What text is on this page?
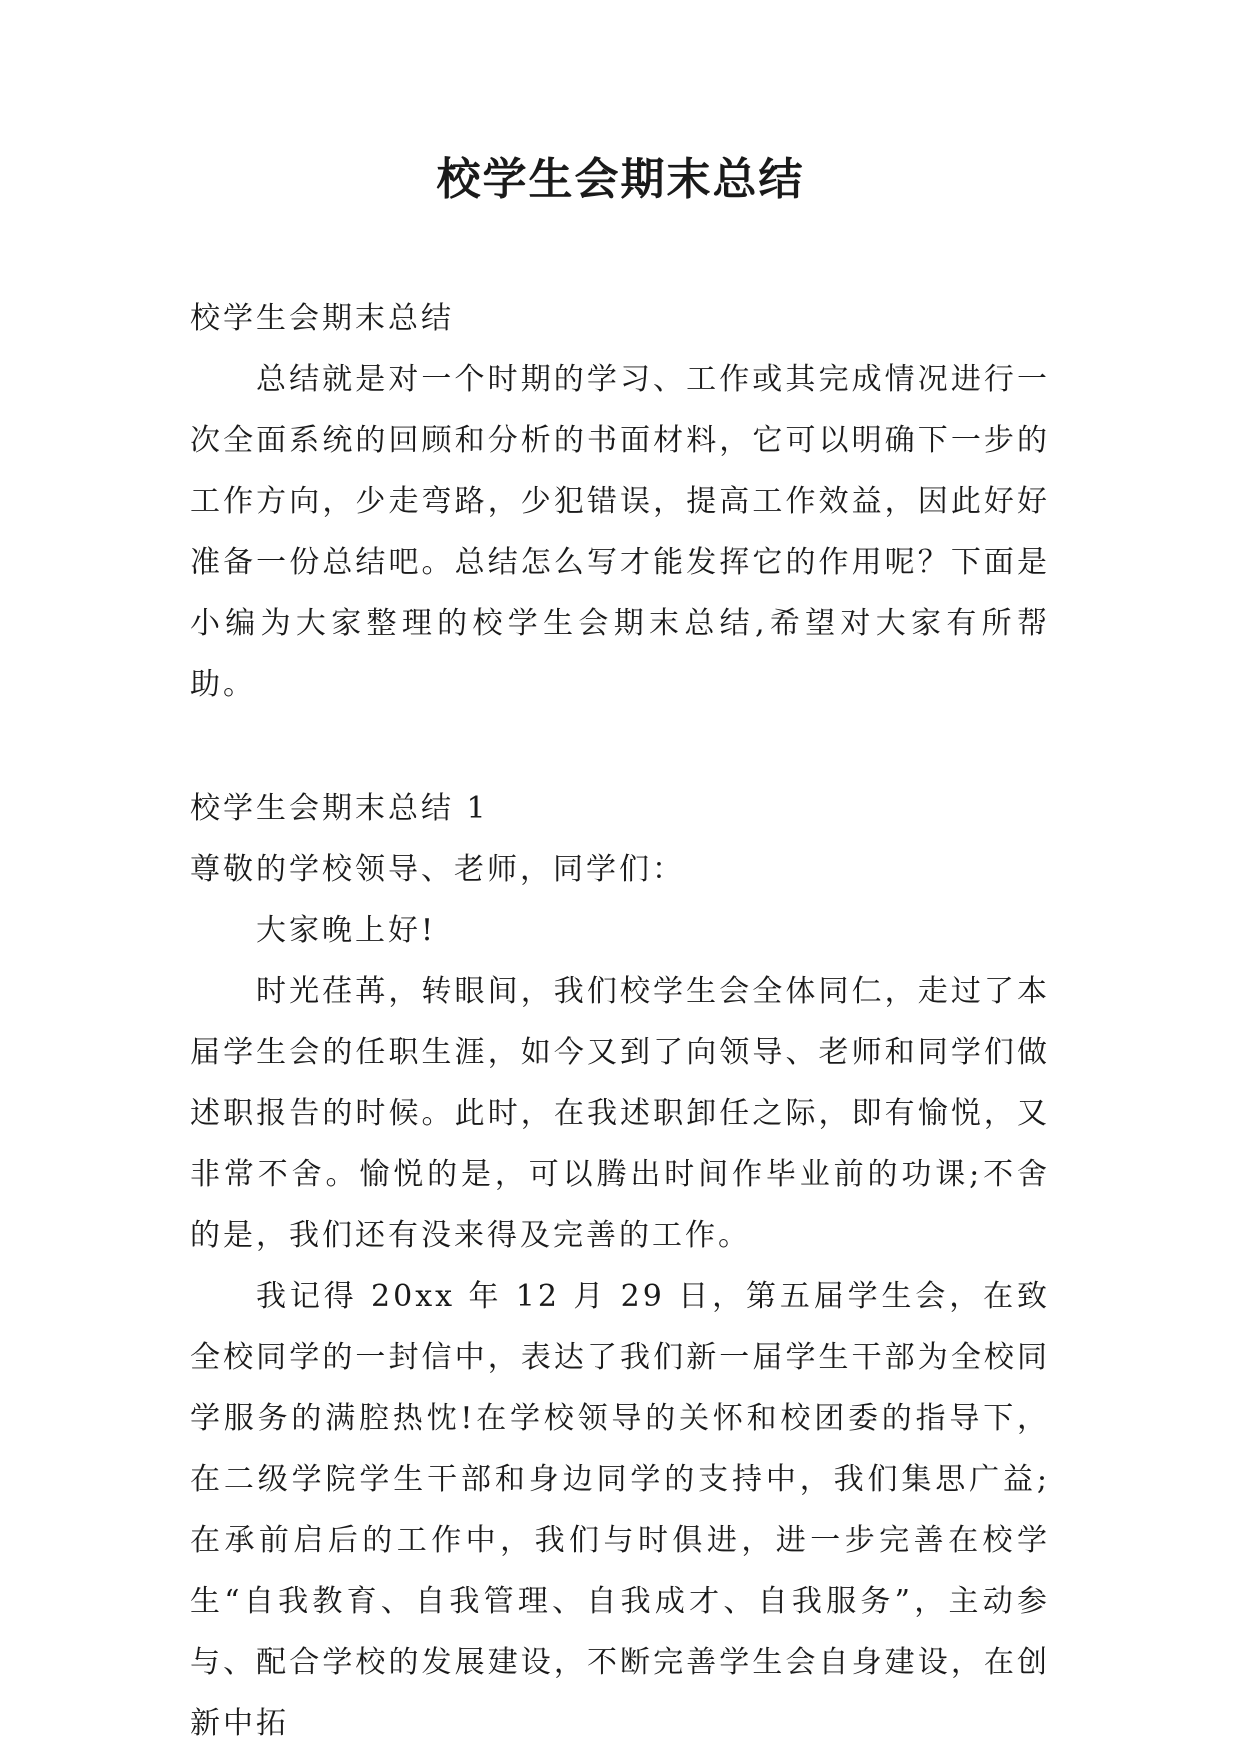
校学生会期末总结

校学生会期末总结

总结就是对一个时期的学习、工作或其完成情况进行一次全面系统的回顾和分析的书面材料，它可以明确下一步的工作方向，少走弯路，少犯错误，提高工作效益，因此好好准备一份总结吧。总结怎么写才能发挥它的作用呢？下面是小编为大家整理的校学生会期末总结,希望对大家有所帮助。

校学生会期末总结 1

尊敬的学校领导、老师，同学们：

大家晚上好!

时光荏苒，转眼间，我们校学生会全体同仁，走过了本届学生会的任职生涯，如今又到了向领导、老师和同学们做述职报告的时候。此时，在我述职卸任之际，即有愉悦，又非常不舍。愉悦的是，可以腾出时间作毕业前的功课;不舍的是，我们还有没来得及完善的工作。

我记得 20xx 年 12 月 29 日，第五届学生会，在致全校同学的一封信中，表达了我们新一届学生干部为全校同学服务的满腔热忱!在学校领导的关怀和校团委的指导下，在二级学院学生干部和身边同学的支持中，我们集思广益;在承前启后的工作中，我们与时俱进，进一步完善在校学生“自我教育、自我管理、自我成才、自我服务”，主动参与、配合学校的发展建设，不断完善学生会自身建设，在创新中拓
